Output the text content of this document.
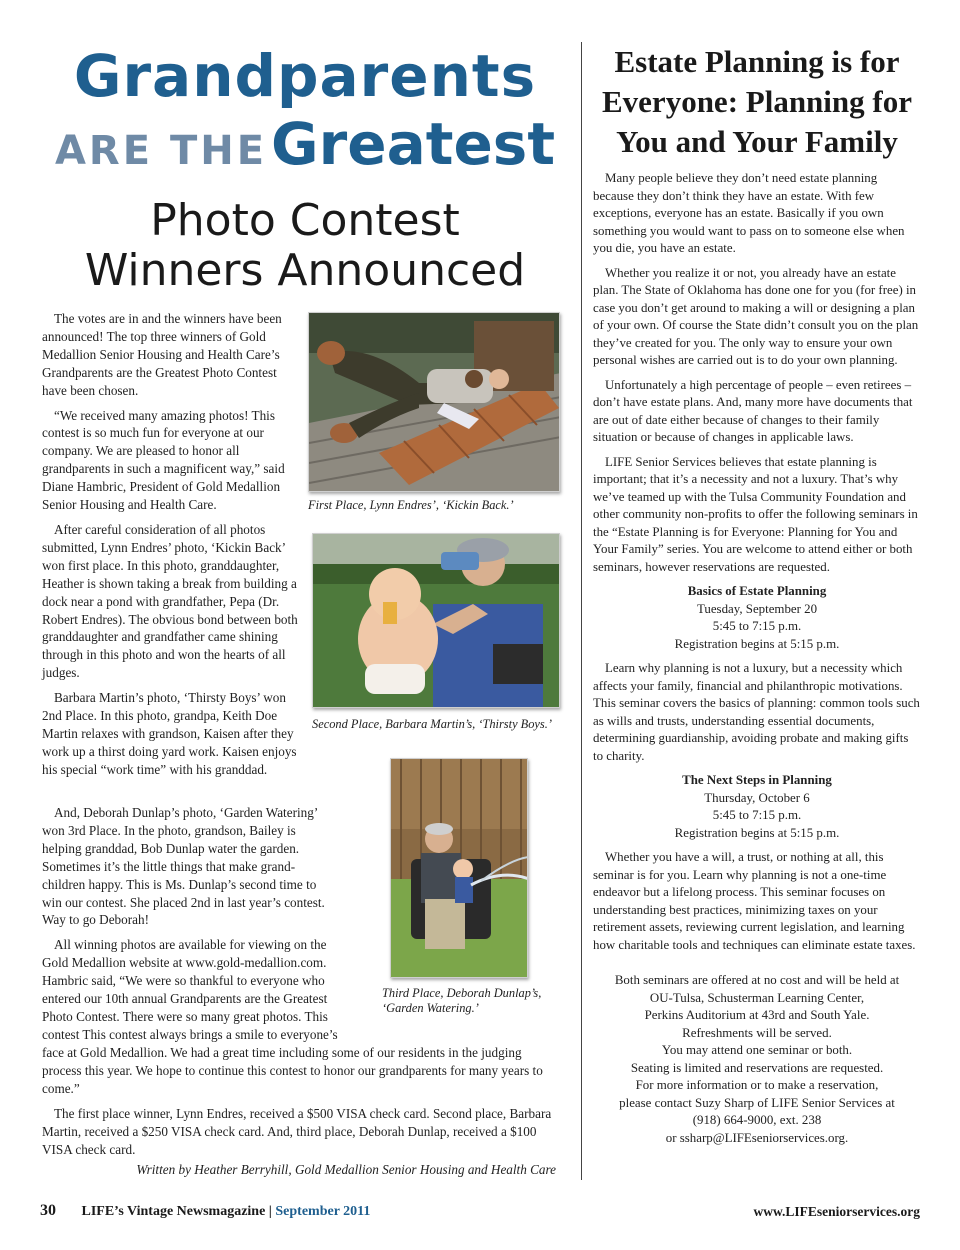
Grandparents
ARE THE Greatest
Photo Contest
Winners Announced

The votes are in and the winners have been announced! The top three winners of Gold Medallion Senior Housing and Health Care’s Grandparents are the Greatest Photo Contest have been chosen.

“We received many amazing photos! This contest is so much fun for everyone at our company. We are pleased to honor all grandparents in such a magnificent way,” said Diane Hambric, President of Gold Medallion Senior Housing and Health Care.

After careful consideration of all photos submitted, Lynn Endres’ photo, ‘Kickin Back’ won first place. In this photo, granddaughter, Heather is shown taking a break from building a dock near a pond with grandfather, Pepa (Dr. Robert Endres). The obvious bond between both granddaughter and grandfather came shining through in this photo and won the hearts of all judges.

Barbara Martin’s photo, ‘Thirsty Boys’ won 2nd Place. In this photo, grandpa, Keith Doe Martin relaxes with grandson, Kaisen after they work up a thirst doing yard work. Kaisen enjoys his special “work time” with his granddad.

And, Deborah Dunlap’s photo, ‘Garden Watering’ won 3rd Place. In the photo, grandson, Bailey is helping granddad, Bob Dunlap water the garden. Sometimes it’s the little things that make grand-children happy. This is Ms. Dunlap’s second time to win our contest. She placed 2nd in last year’s contest. Way to go Deborah!

All winning photos are available for viewing on the Gold Medallion website at www.gold-medallion.com. Hambric said, “We were so thankful to everyone who entered our 10th annual Grandparents are the Greatest Photo Contest. There were so many great photos. This contest This contest always brings a smile to everyone’s

face at Gold Medallion. We had a great time including some of our residents in the judging process this year. We hope to continue this contest to honor our grandparents for many years to come.”

The first place winner, Lynn Endres, received a $500 VISA check card. Second place, Barbara Martin, received a $250 VISA check card. And, third place, Deborah Dunlap, received a $100 VISA check card.

Written by Heather Berryhill, Gold Medallion Senior Housing and Health Care
First Place, Lynn Endres’, ‘Kickin Back.’
Second Place, Barbara Martin’s, ‘Thirsty Boys.’
Third Place, Deborah Dunlap’s, ‘Garden Watering.’
Estate Planning is for
Everyone: Planning for
You and Your Family

Many people believe they don’t need estate planning because they don’t think they have an estate. With few exceptions, everyone has an estate. Basically if you own something you would want to pass on to someone else when you die, you have an estate.

Whether you realize it or not, you already have an estate plan. The State of Oklahoma has done one for you (for free) in case you don’t get around to making a will or designing a plan of your own. Of course the State didn’t consult you on the plan they’ve created for you. The only way to ensure your own personal wishes are carried out is to do your own planning.

Unfortunately a high percentage of people – even retirees – don’t have estate plans. And, many more have documents that are out of date either because of changes to their family situation or because of changes in applicable laws.

LIFE Senior Services believes that estate planning is important; that it’s a necessity and not a luxury. That’s why we’ve teamed up with the Tulsa Community Foundation and other community non-profits to offer the following seminars in the “Estate Planning is for Everyone: Planning for You and Your Family” series. You are welcome to attend either or both seminars, however reservations are requested.

Basics of Estate Planning
Tuesday, September 20
5:45 to 7:15 p.m.
Registration begins at 5:15 p.m.

Learn why planning is not a luxury, but a necessity which affects your family, financial and philanthropic motivations. This seminar covers the basics of planning: common tools such as wills and trusts, understanding essential documents, determining guardianship, avoiding probate and making gifts to charity.

The Next Steps in Planning
Thursday, October 6
5:45 to 7:15 p.m.
Registration begins at 5:15 p.m.

Whether you have a will, a trust, or nothing at all, this seminar is for you. Learn why planning is not a one-time endeavor but a lifelong process. This seminar focuses on understanding best practices, minimizing taxes on your retirement assets, reviewing current legislation, and learning how charitable tools and techniques can eliminate estate taxes.

Both seminars are offered at no cost and will be held at
OU-Tulsa, Schusterman Learning Center,
Perkins Auditorium at 43rd and South Yale.
Refreshments will be served.
You may attend one seminar or both.
Seating is limited and reservations are requested.
For more information or to make a reservation,
please contact Suzy Sharp of LIFE Senior Services at
(918) 664-9000, ext. 238
or ssharp@LIFEseniorservices.org.
30 LIFE’s Vintage Newsmagazine | September 2011	www.LIFEseniorservices.org
